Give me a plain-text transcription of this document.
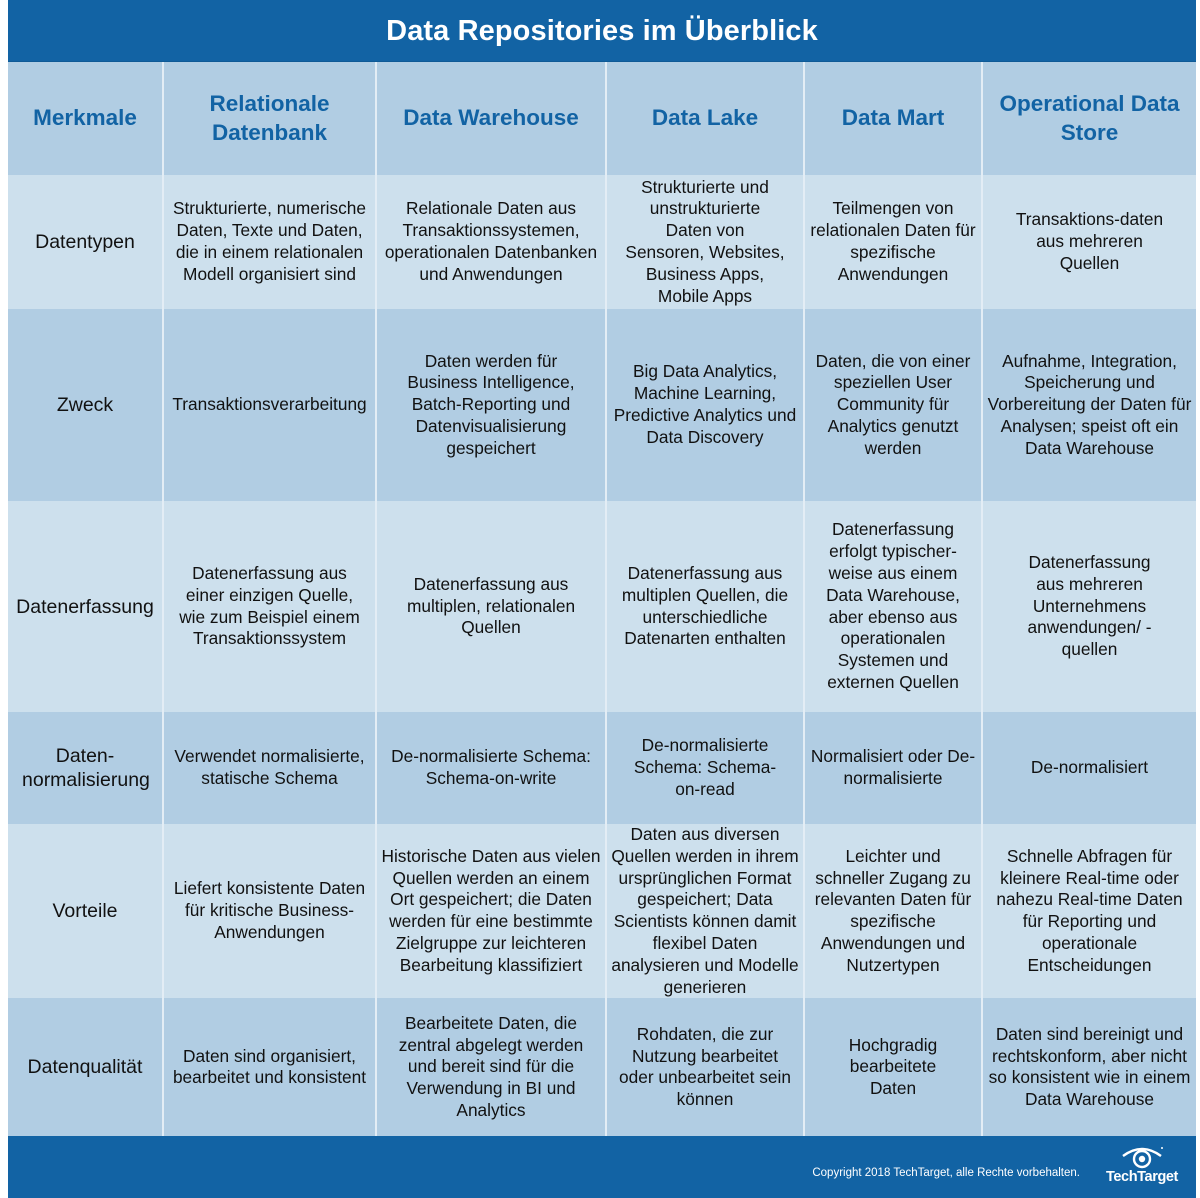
Data Repositories im Überblick
Merkmale	Relationale Datenbank	Data Warehouse	Data Lake	Data Mart	Operational Data Store
Datentypen	Strukturierte, numerische Daten, Texte und Daten, die in einem relationalen Modell organisiert sind	Relationale Daten aus Transaktionssystemen, operationalen Datenbanken und Anwendungen	Strukturierte und unstrukturierte Daten von Sensoren, Websites, Business Apps, Mobile Apps	Teilmengen von relationalen Daten für spezifische Anwendungen	Transaktions-daten aus mehreren Quellen
Zweck	Transaktionsverarbeitung	Daten werden für Business Intelligence, Batch-Reporting und Datenvisualisierung gespeichert	Big Data Analytics, Machine Learning, Predictive Analytics und Data Discovery	Daten, die von einer speziellen User Community für Analytics genutzt werden	Aufnahme, Integration, Speicherung und Vorbereitung der Daten für Analysen; speist oft ein Data Warehouse
Datenerfassung	Datenerfassung aus einer einzigen Quelle, wie zum Beispiel einem Transaktionssystem	Datenerfassung aus multiplen, relationalen Quellen	Datenerfassung aus multiplen Quellen, die unterschiedliche Datenarten enthalten	Datenerfassung erfolgt typischer-weise aus einem Data Warehouse, aber ebenso aus operationalen Systemen und externen Quellen	Datenerfassung aus mehreren Unternehmens anwendungen/ -quellen
Daten-normalisierung	Verwendet normalisierte, statische Schema	De-normalisierte Schema: Schema-on-write	De-normalisierte Schema: Schema-on-read	Normalisiert oder De-normalisierte	De-normalisiert
Vorteile	Liefert konsistente Daten für kritische Business-Anwendungen	Historische Daten aus vielen Quellen werden an einem Ort gespeichert; die Daten werden für eine bestimmte Zielgruppe zur leichteren Bearbeitung klassifiziert	Daten aus diversen Quellen werden in ihrem ursprünglichen Format gespeichert; Data Scientists können damit flexibel Daten analysieren und Modelle generieren	Leichter und schneller Zugang zu relevanten Daten für spezifische Anwendungen und Nutzertypen	Schnelle Abfragen für kleinere Real-time oder nahezu Real-time Daten für Reporting und operationale Entscheidungen
Datenqualität	Daten sind organisiert, bearbeitet und konsistent	Bearbeitete Daten, die zentral abgelegt werden und bereit sind für die Verwendung in BI und Analytics	Rohdaten, die zur Nutzung bearbeitet oder unbearbeitet sein können	Hochgradig bearbeitete Daten	Daten sind bereinigt und rechtskonform, aber nicht so konsistent wie in einem Data Warehouse
Copyright 2018 TechTarget, alle Rechte vorbehalten.	TechTarget
